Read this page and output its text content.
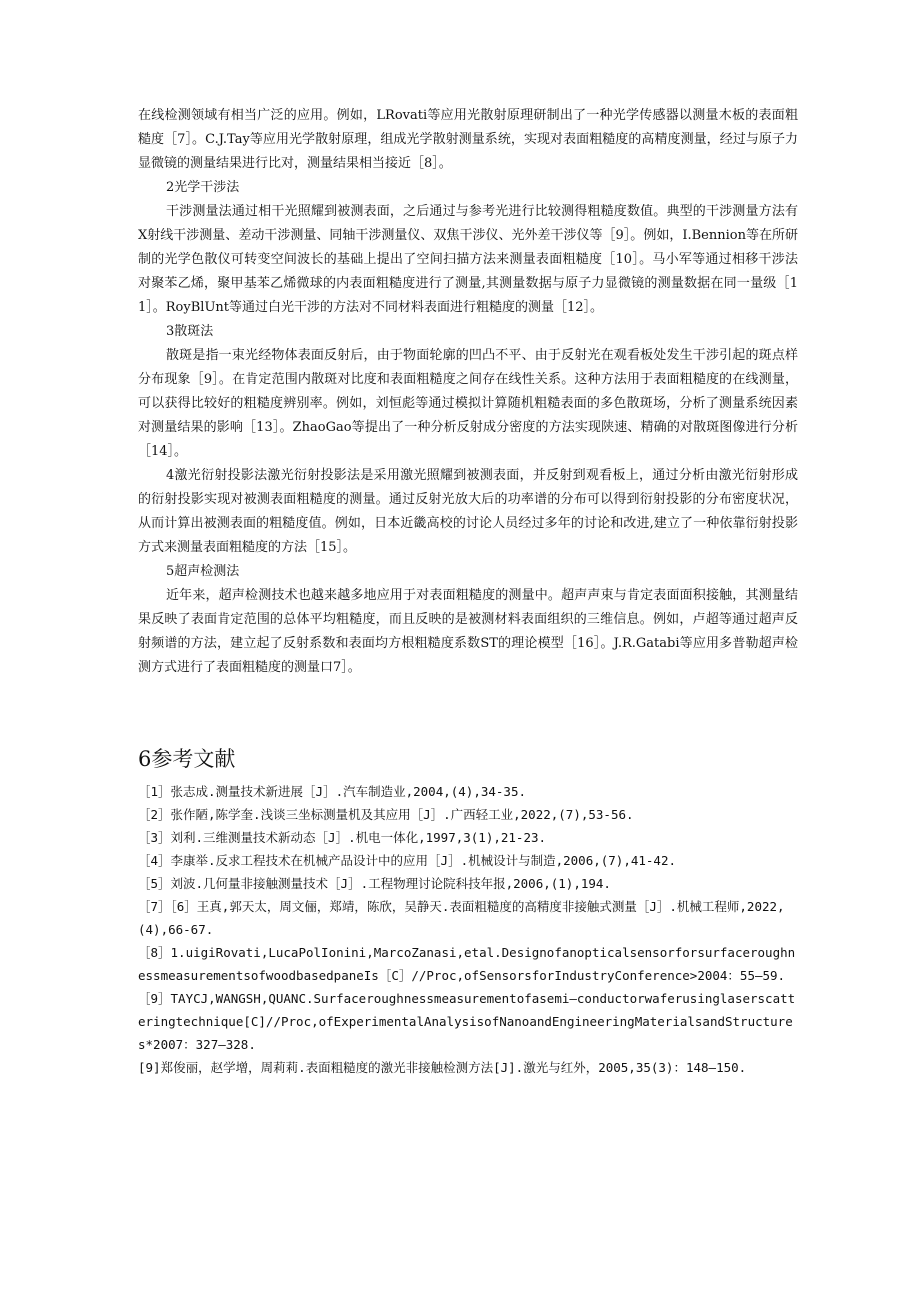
在线检测领域有相当广泛的应用。例如，LRovati等应用光散射原理研制出了一种光学传感器以测量木板的表面粗糙度［7］。C.J.Tay等应用光学散射原理，组成光学散射测量系统，实现对表面粗糙度的高精度测量，经过与原子力显微镜的测量结果进行比对，测量结果相当接近［8］。

2光学干涉法

干涉测量法通过相干光照耀到被测表面，之后通过与参考光进行比较测得粗糙度数值。典型的干涉测量方法有X射线干涉测量、差动干涉测量、同轴干涉测量仪、双焦干涉仪、光外差干涉仪等［9］。例如，I.Bennion等在所研制的光学色散仪可转变空间波长的基础上提出了空间扫描方法来测量表面粗糙度［10］。马小军等通过相移干涉法对聚苯乙烯，聚甲基苯乙烯微球的内表面粗糙度进行了测量,其测量数据与原子力显微镜的测量数据在同一量级［11］。RoyBlUnt等通过白光干涉的方法对不同材料表面进行粗糙度的测量［12］。

3散斑法

散斑是指一束光经物体表面反射后，由于物面轮廓的凹凸不平、由于反射光在观看板处发生干涉引起的斑点样分布现象［9］。在肯定范围内散斑对比度和表面粗糙度之间存在线性关系。这种方法用于表面粗糙度的在线测量，可以获得比较好的粗糙度辨别率。例如，刘恒彪等通过模拟计算随机粗糙表面的多色散斑场，分析了测量系统因素对测量结果的影响［13］。ZhaoGao等提出了一种分析反射成分密度的方法实现陕速、精确的对散斑图像进行分析［14］。

4激光衍射投影法激光衍射投影法是采用激光照耀到被测表面，并反射到观看板上，通过分析由激光衍射形成的衍射投影实现对被测表面粗糙度的测量。通过反射光放大后的功率谱的分布可以得到衍射投影的分布密度状况，从而计算出被测表面的粗糙度值。例如，日本近畿高校的讨论人员经过多年的讨论和改进,建立了一种依靠衍射投影方式来测量表面粗糙度的方法［15］。

5超声检测法

近年来，超声检测技术也越来越多地应用于对表面粗糙度的测量中。超声声束与肯定表面面积接触，其测量结果反映了表面肯定范围的总体平均粗糙度，而且反映的是被测材料表面组织的三维信息。例如，卢超等通过超声反射频谱的方法，建立起了反射系数和表面均方根粗糙度系数ST的理论模型［16］。J.R.Gatabi等应用多普勒超声检测方式进行了表面粗糙度的测量口7］。

6参考文献

［1］张志成.测量技术新进展［J］.汽车制造业,2004,(4),34-35.

［2］张作陋,陈学奎.浅谈三坐标测量机及其应用［J］.广西轻工业,2022,(7),53-56.

［3］刘利.三维测量技术新动态［J］.机电一体化,1997,3(1),21-23.

［4］李康举.反求工程技术在机械产品设计中的应用［J］.机械设计与制造,2006,(7),41-42.

［5］刘波.几何量非接触测量技术［J］.工程物理讨论院科技年报,2006,(1),194.

［7］［6］王真,郭天太，周文俪，郑靖，陈欣，吴静天.表面粗糙度的高精度非接触式测量［J］.机械工程师,2022,(4),66-67.

［8］1.uigiRovati,LucaPolIonini,MarcoZanasi,etal.DesignofanopticalsensorforsurfaceroughnessmeasurementsofwoodbasedpaneIs［C］//Proc,ofSensorsforIndustryConference>2004：55—59.

［9］TAYCJ,WANGSH,QUANC.Surfaceroughnessmeasurementofasemi—conductorwaferusinglaserscatteringtechnique[C]//Proc,ofExperimentalAnalysisofNanoandEngineeringMaterialsandStructures*2007：327—328.

[9]郑俊丽，赵学增，周莉莉.表面粗糙度的激光非接触检测方法[J].激光与红外，2005,35(3)：148—150.
